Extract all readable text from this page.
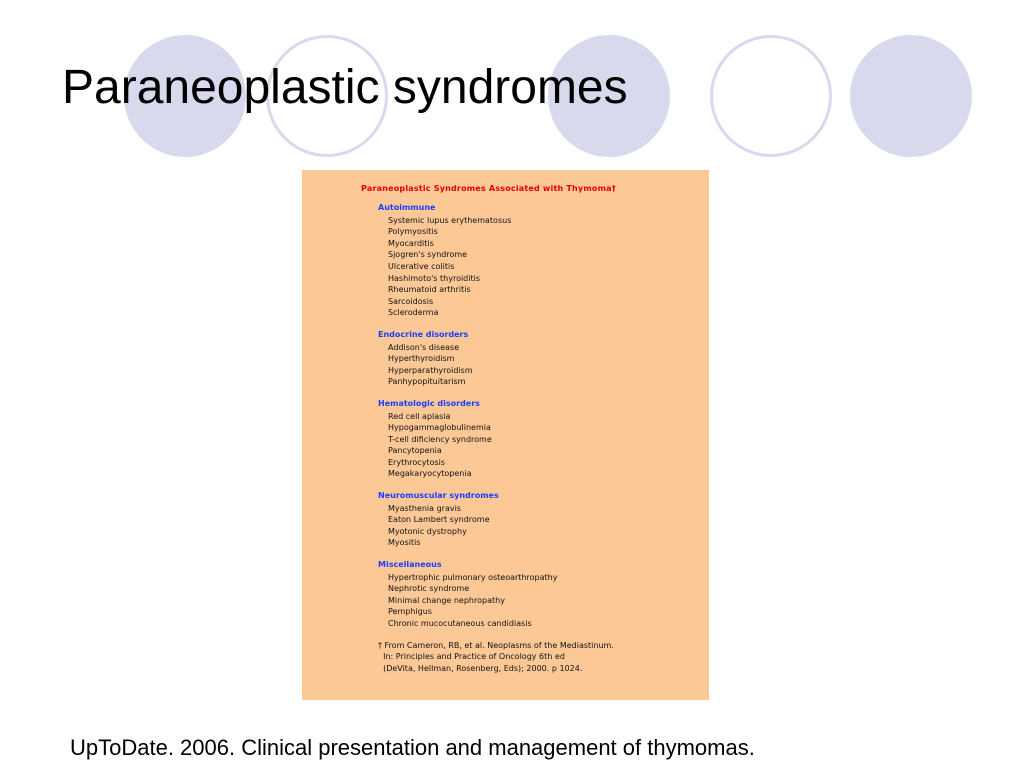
Paraneoplastic syndromes
Paraneoplastic Syndromes Associated with Thymoma†
Autoimmune
Systemic lupus erythematosus
Polymyositis
Myocarditis
Sjogren's syndrome
Ulcerative colitis
Hashimoto's thyroiditis
Rheumatoid arthritis
Sarcoidosis
Scleroderma
Endocrine disorders
Addison's disease
Hyperthyroidism
Hyperparathyroidism
Panhypopituitarism
Hematologic disorders
Red cell aplasia
Hypogammaglobulinemia
T-cell dificiency syndrome
Pancytopenia
Erythrocytosis
Megakaryocytopenia
Neuromuscular syndromes
Myasthenia gravis
Eaton Lambert syndrome
Myotonic dystrophy
Myositis
Miscellaneous
Hypertrophic pulmonary osteoarthropathy
Nephrotic syndrome
Minimal change nephropathy
Pemphigus
Chronic mucocutaneous candidiasis
† From Cameron, RB, et al. Neoplasms of the Mediastinum.
In: Principles and Practice of Oncology 6th ed
(DeVita, Hellman, Rosenberg, Eds); 2000. p 1024.

UpToDate. 2006. Clinical presentation and management of thymomas.
